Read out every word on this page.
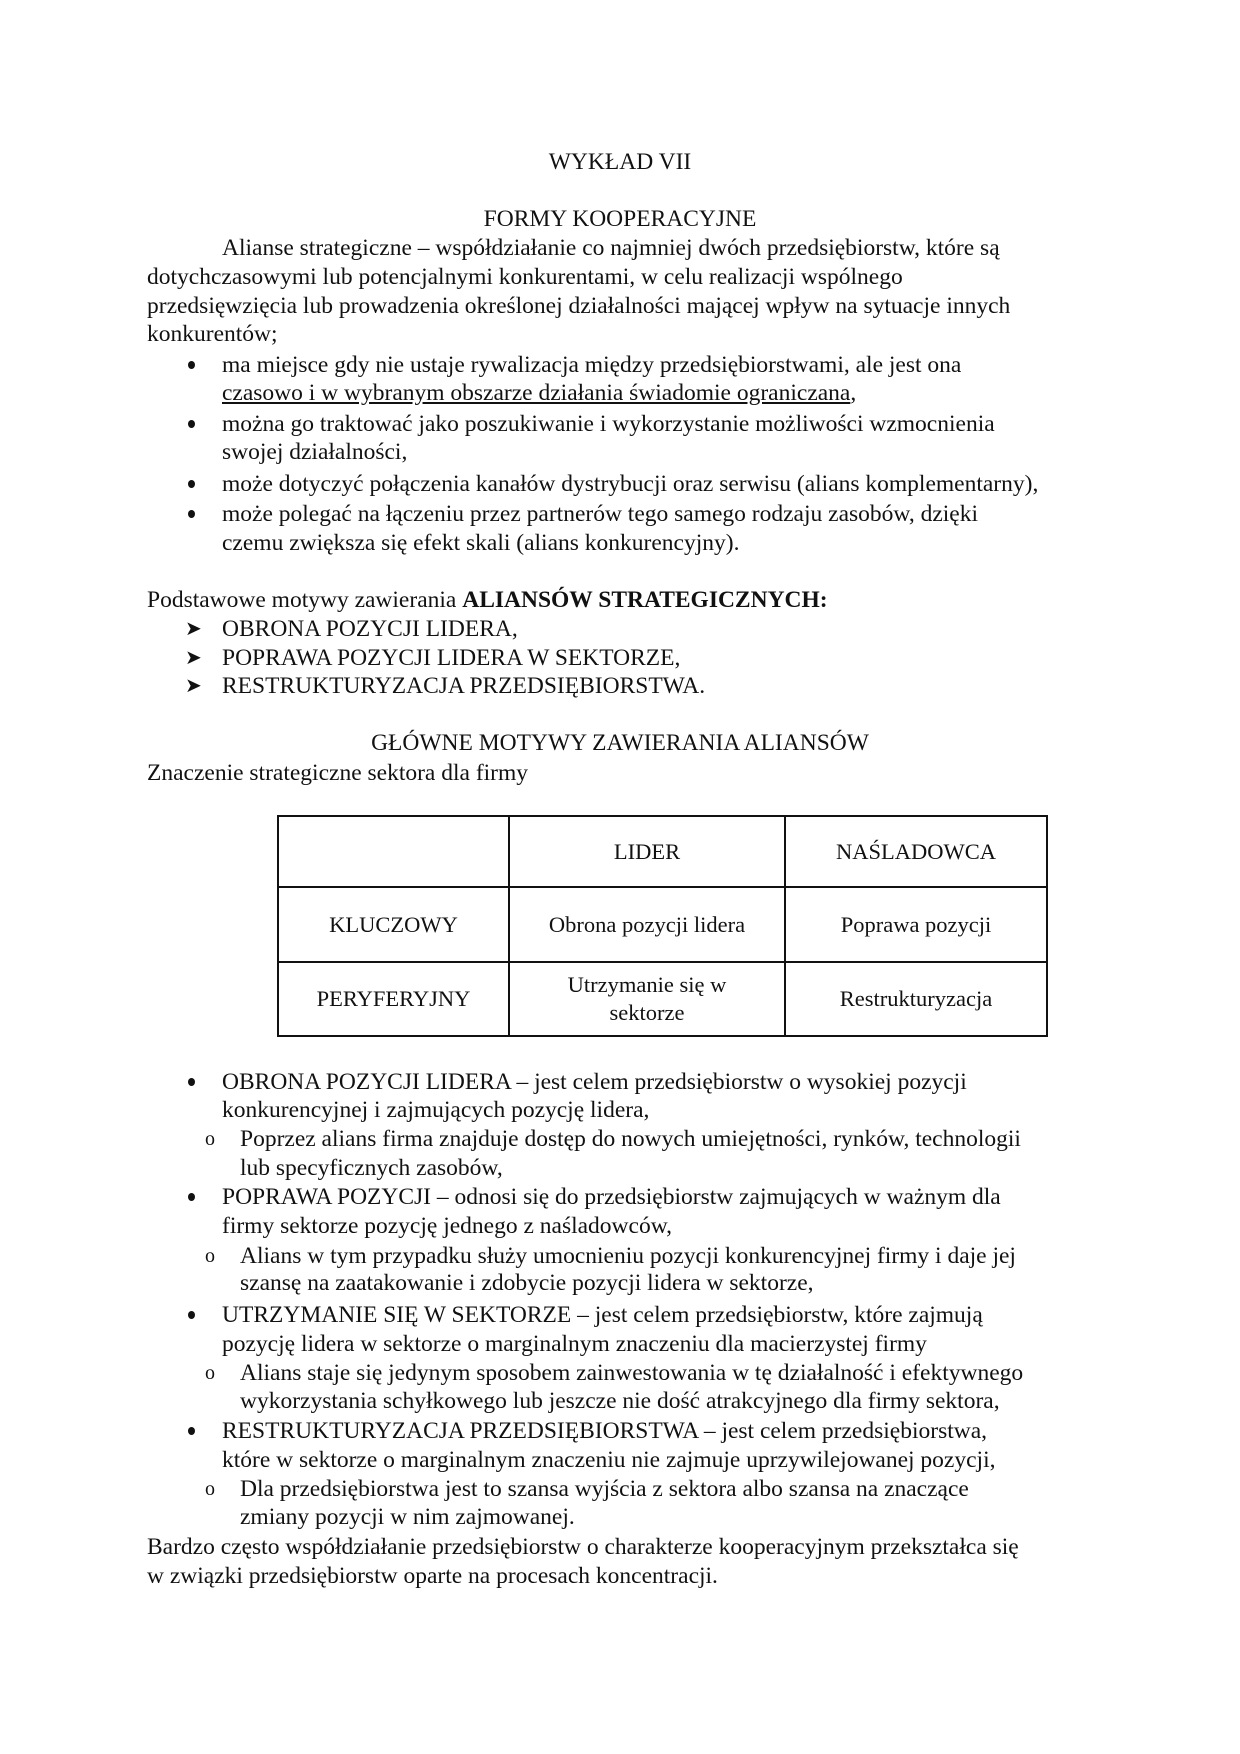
WYKŁAD VII
FORMY KOOPERACYJNE
Alianse strategiczne – współdziałanie co najmniej dwóch przedsiębiorstw, które są
dotychczasowymi lub potencjalnymi konkurentami, w celu realizacji wspólnego
przedsięwzięcia lub prowadzenia określonej działalności mającej wpływ na sytuacje innych
konkurentów;
ma miejsce gdy nie ustaje rywalizacja między przedsiębiorstwami, ale jest ona
czasowo i w wybranym obszarze działania świadomie ograniczana,
można go traktować jako poszukiwanie i wykorzystanie możliwości wzmocnienia
swojej działalności,
może dotyczyć połączenia kanałów dystrybucji oraz serwisu (alians komplementarny),
może polegać na łączeniu przez partnerów tego samego rodzaju zasobów, dzięki
czemu zwiększa się efekt skali (alians konkurencyjny).
Podstawowe motywy zawierania ALIANSÓW STRATEGICZNYCH:
➤ OBRONA POZYCJI LIDERA,
➤ POPRAWA POZYCJI LIDERA W SEKTORZE,
➤ RESTRUKTURYZACJA PRZEDSIĘBIORSTWA.
GŁÓWNE MOTYWY ZAWIERANIA ALIANSÓW
Znaczenie strategiczne sektora dla firmy
	LIDER	NAŚLADOWCA
KLUCZOWY	Obrona pozycji lidera	Poprawa pozycji
PERYFERYJNY	Utrzymanie się w sektorze	Restrukturyzacja
OBRONA POZYCJI LIDERA – jest celem przedsiębiorstw o wysokiej pozycji
konkurencyjnej i zajmujących pozycję lidera,
o Poprzez alians firma znajduje dostęp do nowych umiejętności, rynków, technologii
lub specyficznych zasobów,
POPRAWA POZYCJI – odnosi się do przedsiębiorstw zajmujących w ważnym dla
firmy sektorze pozycję jednego z naśladowców,
o Alians w tym przypadku służy umocnieniu pozycji konkurencyjnej firmy i daje jej
szansę na zaatakowanie i zdobycie pozycji lidera w sektorze,
UTRZYMANIE SIĘ W SEKTORZE – jest celem przedsiębiorstw, które zajmują
pozycję lidera w sektorze o marginalnym znaczeniu dla macierzystej firmy
o Alians staje się jedynym sposobem zainwestowania w tę działalność i efektywnego
wykorzystania schyłkowego lub jeszcze nie dość atrakcyjnego dla firmy sektora,
RESTRUKTURYZACJA PRZEDSIĘBIORSTWA – jest celem przedsiębiorstwa,
które w sektorze o marginalnym znaczeniu nie zajmuje uprzywilejowanej pozycji,
o Dla przedsiębiorstwa jest to szansa wyjścia z sektora albo szansa na znaczące
zmiany pozycji w nim zajmowanej.
Bardzo często współdziałanie przedsiębiorstw o charakterze kooperacyjnym przekształca się
w związki przedsiębiorstw oparte na procesach koncentracji.
